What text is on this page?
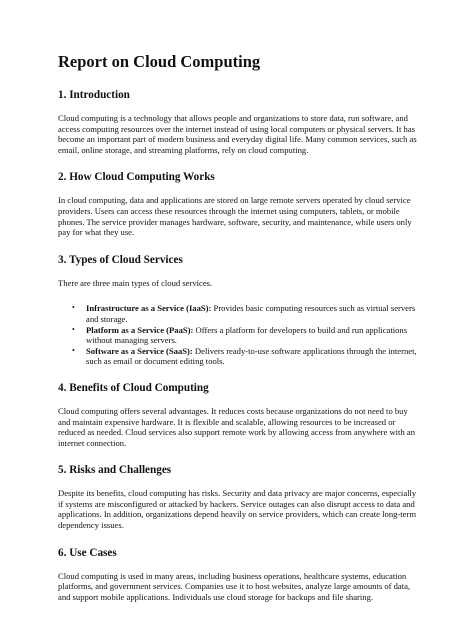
Report on Cloud Computing
1. Introduction

Cloud computing is a technology that allows people and organizations to store data, run software, and access computing resources over the internet instead of using local computers or physical servers. It has become an important part of modern business and everyday digital life. Many common services, such as email, online storage, and streaming platforms, rely on cloud computing.

2. How Cloud Computing Works

In cloud computing, data and applications are stored on large remote servers operated by cloud service providers. Users can access these resources through the internet using computers, tablets, or mobile phones. The service provider manages hardware, software, security, and maintenance, while users only pay for what they use.

3. Types of Cloud Services

There are three main types of cloud services.

• Infrastructure as a Service (IaaS): Provides basic computing resources such as virtual servers and storage.
• Platform as a Service (PaaS): Offers a platform for developers to build and run applications without managing servers.
• Software as a Service (SaaS): Delivers ready-to-use software applications through the internet, such as email or document editing tools.
4. Benefits of Cloud Computing

Cloud computing offers several advantages. It reduces costs because organizations do not need to buy and maintain expensive hardware. It is flexible and scalable, allowing resources to be increased or reduced as needed. Cloud services also support remote work by allowing access from anywhere with an internet connection.

5. Risks and Challenges

Despite its benefits, cloud computing has risks. Security and data privacy are major concerns, especially if systems are misconfigured or attacked by hackers. Service outages can also disrupt access to data and applications. In addition, organizations depend heavily on service providers, which can create long-term dependency issues.

6. Use Cases

Cloud computing is used in many areas, including business operations, healthcare systems, education platforms, and government services. Companies use it to host websites, analyze large amounts of data, and support mobile applications. Individuals use cloud storage for backups and file sharing.
